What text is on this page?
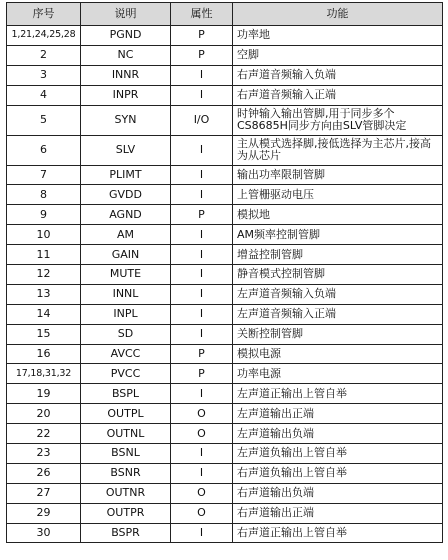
序号	说明	属性	功能
1,21,24,25,28	PGND	P	功率地
2	NC	P	空脚
3	INNR	I	右声道音频输入负端
4	INPR	I	右声道音频输入正端
5	SYN	I/O	时钟输入输出管脚,用于同步多个CS8685H同步方向由SLV管脚决定
6	SLV	I	主从模式选择脚,接低选择为主芯片,接高为从芯片
7	PLIMT	I	输出功率限制管脚
8	GVDD	I	上管栅驱动电压
9	AGND	P	模拟地
10	AM	I	AM频率控制管脚
11	GAIN	I	增益控制管脚
12	MUTE	I	静音模式控制管脚
13	INNL	I	左声道音频输入负端
14	INPL	I	左声道音频输入正端
15	SD	I	关断控制管脚
16	AVCC	P	模拟电源
17,18,31,32	PVCC	P	功率电源
19	BSPL	I	左声道正输出上管自举
20	OUTPL	O	左声道输出正端
22	OUTNL	O	左声道输出负端
23	BSNL	I	左声道负输出上管自举
26	BSNR	I	右声道负输出上管自举
27	OUTNR	O	右声道输出负端
29	OUTPR	O	右声道输出正端
30	BSPR	I	右声道正输出上管自举
